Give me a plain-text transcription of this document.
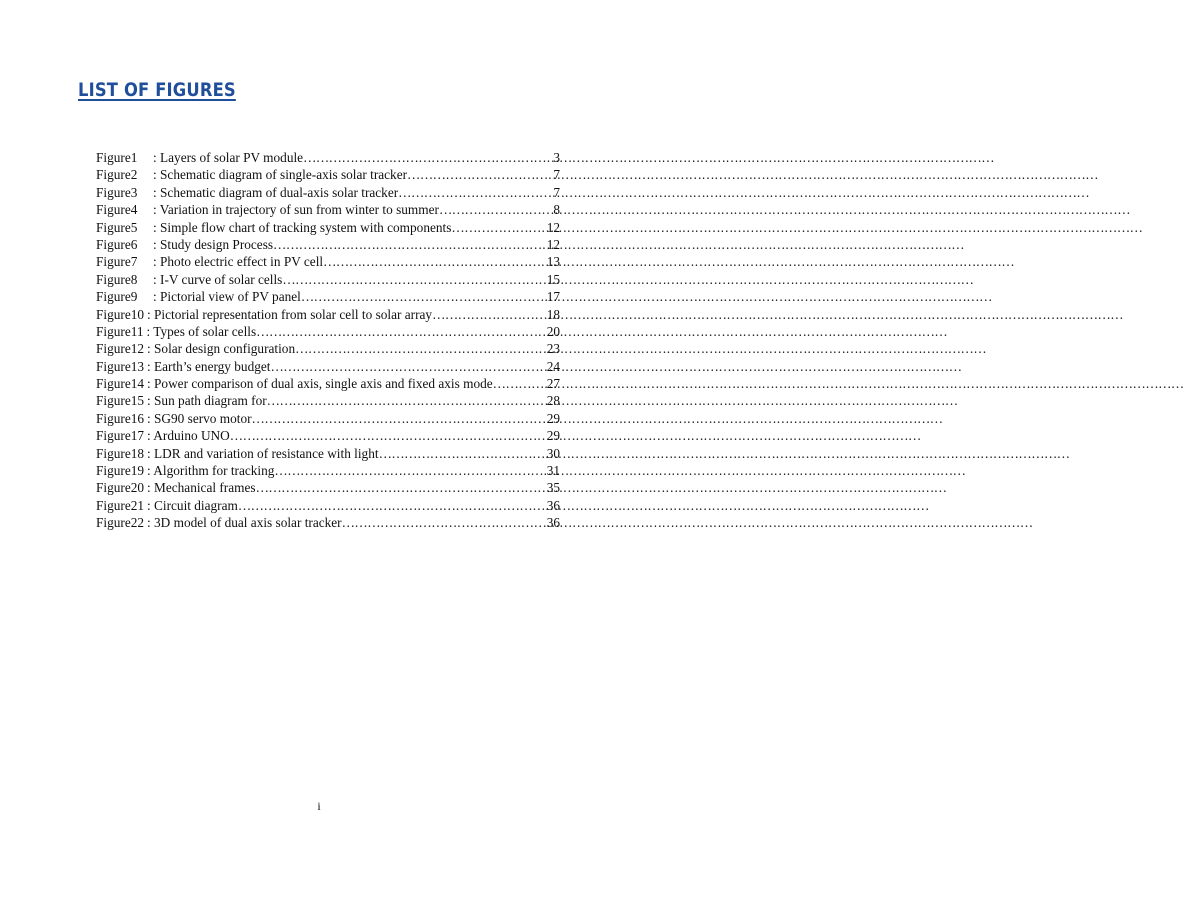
LIST OF FIGURES
Figure1	: Layers of solar PV module ………………………………………………………………………………………………………………………………………………	3
Figure2	: Schematic diagram of single-axis solar tracker ………………………………………………………………………………………………………………………………………………	7
Figure3	: Schematic diagram of dual-axis solar tracker ………………………………………………………………………………………………………………………………………………	7
Figure4	: Variation in trajectory of sun from winter to summer ………………………………………………………………………………………………………………………………………………	8
Figure5	: Simple flow chart of tracking system with components ………………………………………………………………………………………………………………………………………………	12
Figure6	: Study design Process ………………………………………………………………………………………………………………………………………………	12
Figure7	: Photo electric effect in PV cell ………………………………………………………………………………………………………………………………………………	13
Figure8	: I-V curve of solar cells ………………………………………………………………………………………………………………………………………………	15
Figure9	: Pictorial view of PV panel ………………………………………………………………………………………………………………………………………………	17
Figure10 : Pictorial representation from solar cell to solar array ………………………………………………………………………………………………………………………………………………	18
Figure11 : Types of solar cells ………………………………………………………………………………………………………………………………………………	20
Figure12 : Solar design configuration ………………………………………………………………………………………………………………………………………………	23
Figure13 : Earth’s energy budget ………………………………………………………………………………………………………………………………………………	24
Figure14 : Power comparison of dual axis, single axis and fixed axis mode ………………………………………………………………………………………………………………………………………………	27
Figure15 : Sun path diagram for ………………………………………………………………………………………………………………………………………………	28
Figure16 : SG90 servo motor ………………………………………………………………………………………………………………………………………………	29
Figure17 : Arduino UNO ………………………………………………………………………………………………………………………………………………	29
Figure18 : LDR and variation of resistance with light ………………………………………………………………………………………………………………………………………………	30
Figure19 : Algorithm for tracking ………………………………………………………………………………………………………………………………………………	31
Figure20 : Mechanical frames ………………………………………………………………………………………………………………………………………………	35
Figure21 : Circuit diagram ………………………………………………………………………………………………………………………………………………	36
Figure22 : 3D model of dual axis solar tracker ………………………………………………………………………………………………………………………………………………	36
i
